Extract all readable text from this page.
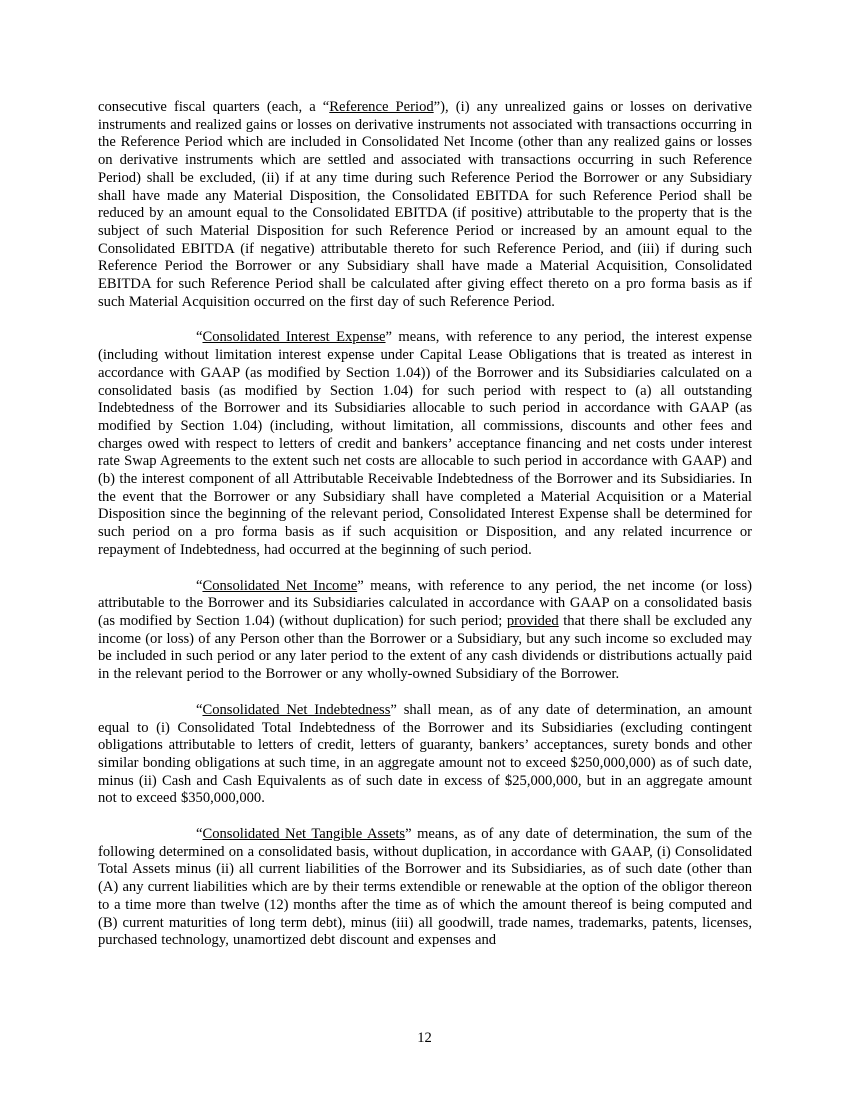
consecutive fiscal quarters (each, a “Reference Period”), (i) any unrealized gains or losses on derivative instruments and realized gains or losses on derivative instruments not associated with transactions occurring in the Reference Period which are included in Consolidated Net Income (other than any realized gains or losses on derivative instruments which are settled and associated with transactions occurring in such Reference Period) shall be excluded, (ii) if at any time during such Reference Period the Borrower or any Subsidiary shall have made any Material Disposition, the Consolidated EBITDA for such Reference Period shall be reduced by an amount equal to the Consolidated EBITDA (if positive) attributable to the property that is the subject of such Material Disposition for such Reference Period or increased by an amount equal to the Consolidated EBITDA (if negative) attributable thereto for such Reference Period, and (iii) if during such Reference Period the Borrower or any Subsidiary shall have made a Material Acquisition, Consolidated EBITDA for such Reference Period shall be calculated after giving effect thereto on a pro forma basis as if such Material Acquisition occurred on the first day of such Reference Period.

“Consolidated Interest Expense” means, with reference to any period, the interest expense (including without limitation interest expense under Capital Lease Obligations that is treated as interest in accordance with GAAP (as modified by Section 1.04)) of the Borrower and its Subsidiaries calculated on a consolidated basis (as modified by Section 1.04) for such period with respect to (a) all outstanding Indebtedness of the Borrower and its Subsidiaries allocable to such period in accordance with GAAP (as modified by Section 1.04) (including, without limitation, all commissions, discounts and other fees and charges owed with respect to letters of credit and bankers’ acceptance financing and net costs under interest rate Swap Agreements to the extent such net costs are allocable to such period in accordance with GAAP) and (b) the interest component of all Attributable Receivable Indebtedness of the Borrower and its Subsidiaries. In the event that the Borrower or any Subsidiary shall have completed a Material Acquisition or a Material Disposition since the beginning of the relevant period, Consolidated Interest Expense shall be determined for such period on a pro forma basis as if such acquisition or Disposition, and any related incurrence or repayment of Indebtedness, had occurred at the beginning of such period.

“Consolidated Net Income” means, with reference to any period, the net income (or loss) attributable to the Borrower and its Subsidiaries calculated in accordance with GAAP on a consolidated basis (as modified by Section 1.04) (without duplication) for such period; provided that there shall be excluded any income (or loss) of any Person other than the Borrower or a Subsidiary, but any such income so excluded may be included in such period or any later period to the extent of any cash dividends or distributions actually paid in the relevant period to the Borrower or any wholly-owned Subsidiary of the Borrower.

“Consolidated Net Indebtedness” shall mean, as of any date of determination, an amount equal to (i) Consolidated Total Indebtedness of the Borrower and its Subsidiaries (excluding contingent obligations attributable to letters of credit, letters of guaranty, bankers’ acceptances, surety bonds and other similar bonding obligations at such time, in an aggregate amount not to exceed $250,000,000) as of such date, minus (ii) Cash and Cash Equivalents as of such date in excess of $25,000,000, but in an aggregate amount not to exceed $350,000,000.

“Consolidated Net Tangible Assets” means, as of any date of determination, the sum of the following determined on a consolidated basis, without duplication, in accordance with GAAP, (i) Consolidated Total Assets minus (ii) all current liabilities of the Borrower and its Subsidiaries, as of such date (other than (A) any current liabilities which are by their terms extendible or renewable at the option of the obligor thereon to a time more than twelve (12) months after the time as of which the amount thereof is being computed and (B) current maturities of long term debt), minus (iii) all goodwill, trade names, trademarks, patents, licenses, purchased technology, unamortized debt discount and expenses and

12
